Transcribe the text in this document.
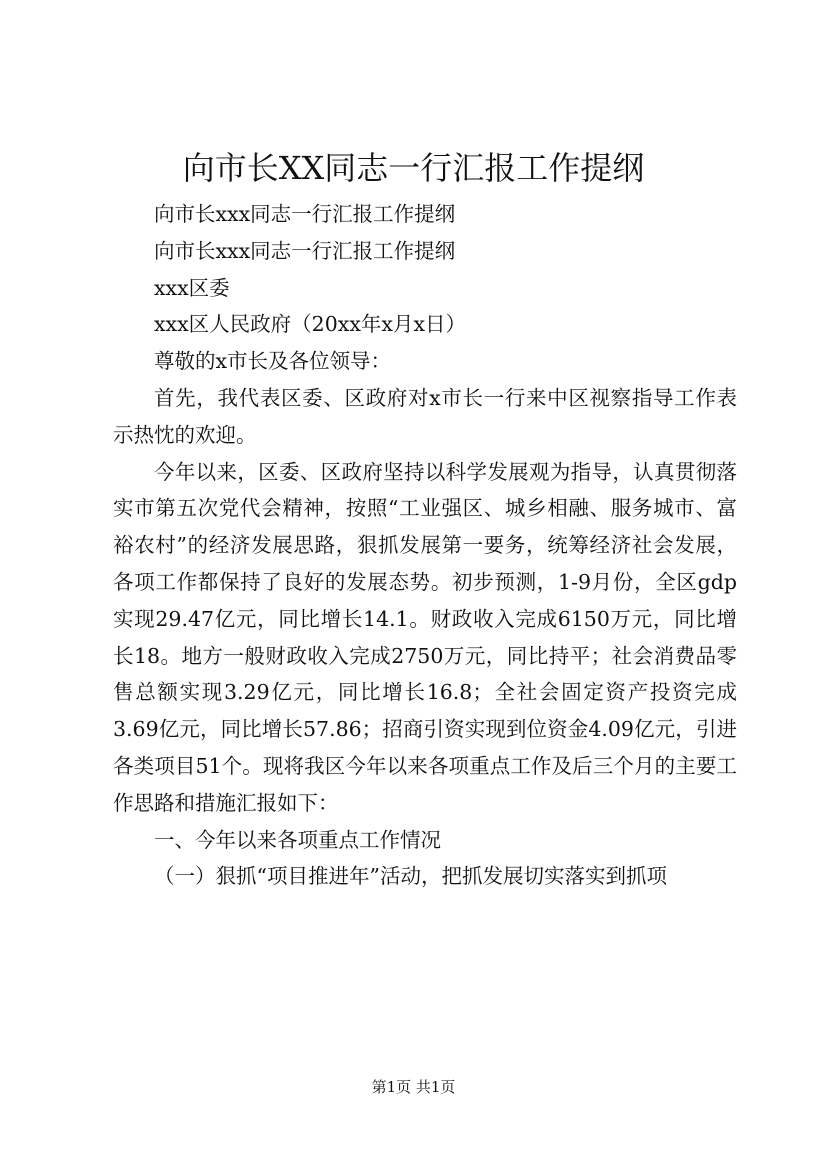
向市长XX同志一行汇报工作提纲

向市长xxx同志一行汇报工作提纲

向市长xxx同志一行汇报工作提纲

xxx区委

xxx区人民政府（20xx年x月x日）

尊敬的x市长及各位领导：

首先，我代表区委、区政府对x市长一行来中区视察指导工作表示热忱的欢迎。

今年以来，区委、区政府坚持以科学发展观为指导，认真贯彻落实市第五次党代会精神，按照“工业强区、城乡相融、服务城市、富裕农村”的经济发展思路，狠抓发展第一要务，统筹经济社会发展，各项工作都保持了良好的发展态势。初步预测，1-9月份，全区gdp实现29.47亿元，同比增长14.1。财政收入完成6150万元，同比增长18。地方一般财政收入完成2750万元，同比持平；社会消费品零售总额实现3.29亿元，同比增长16.8；全社会固定资产投资完成3.69亿元，同比增长57.86；招商引资实现到位资金4.09亿元，引进各类项目51个。现将我区今年以来各项重点工作及后三个月的主要工作思路和措施汇报如下：

一、今年以来各项重点工作情况

（一）狠抓“项目推进年”活动，把抓发展切实落实到抓项

第1页 共1页
